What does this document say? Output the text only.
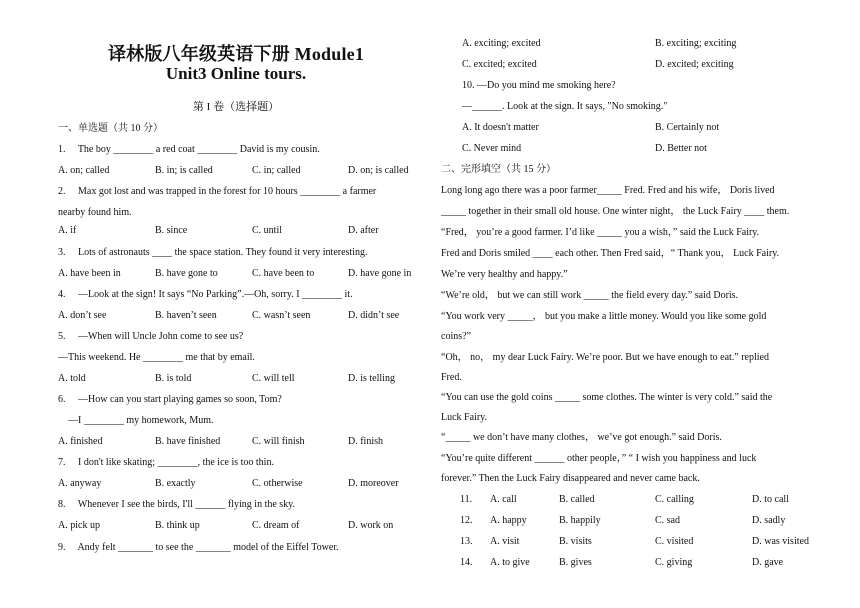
译林版八年级英语下册 Module1
Unit3 Online tours.
第 I 卷（选择题）
一、单选题（共 10 分）
1.　 The boy ________ a red coat ________ David is my cousin.
A. on; called	B. in; is called	C. in; called	D. on; is called
2.　 Max got lost and was trapped in the forest for 10 hours ________ a farmer
nearby found him.
A. if	B. since	C. until	D. after
3.　 Lots of astronauts ____ the space station. They found it very interesting.
A. have been in	B. have gone to	C. have been to	D. have gone in
4.　 —Look at the sign! It says “No Parking”.—Oh, sorry. I ________ it.
A. don’t see	B. haven’t seen	C. wasn’t seen	D. didn’t see
5.　 —When will Uncle John come to see us?
—This weekend. He ________ me that by email.
A. told	B. is told	C. will tell	D. is telling
6.　 —How can you start playing games so soon, Tom?
　—I ________ my homework, Mum.
A. finished	B. have finished	C. will finish	D. finish
7.　 I don't like skating; ________, the ice is too thin.
A. anyway	B. exactly	C. otherwise	D. moreover
8.　 Whenever I see the birds, I'll ______ flying in the sky.
A. pick up	B. think up	C. dream of	D. work on
9.　 Andy felt _______ to see the _______ model of the Eiffel Tower.
A. exciting; excited	B. exciting; exciting
C. excited; excited	D. excited; exciting
10. —Do you mind me smoking here?
—______. Look at the sign. It says, "No smoking."
A. It doesn't matter	B. Certainly not
C. Never mind	D. Better not
二、完形填空（共 15 分）
Long long ago there was a poor farmer_____ Fred. Fred and his wife， Doris lived
_____ together in their small old house. One winter night， the Luck Fairy ____ them.
“Fred， you’re a good farmer. I’d like _____ you a wish，” said the Luck Fairy.
Fred and Doris smiled ____ each other. Then Fred said，“ Thank you， Luck Fairy.
We’re very healthy and happy.”
“We’re old， but we can still work _____ the field every day.” said Doris.
“You work very _____， but you make a little money. Would you like some gold
coins?”
“Oh， no， my dear Luck Fairy. We’re poor. But we have enough to eat.” replied
Fred.
“You can use the gold coins _____ some clothes. The winter is very cold.” said the
Luck Fairy.
“_____ we don’t have many clothes， we’ve got enough.” said Doris.
“You’re quite different ______ other people，” “ I wish you happiness and luck
forever.” Then the Luck Fairy disappeared and never came back.
11. A. call	B. called	C. calling	D. to call
12. A. happy	B. happily	C. sad	D. sadly
13. A. visit	B. visits	C. visited	D. was visited
14. A. to give	B. gives	C. giving	D. gave
